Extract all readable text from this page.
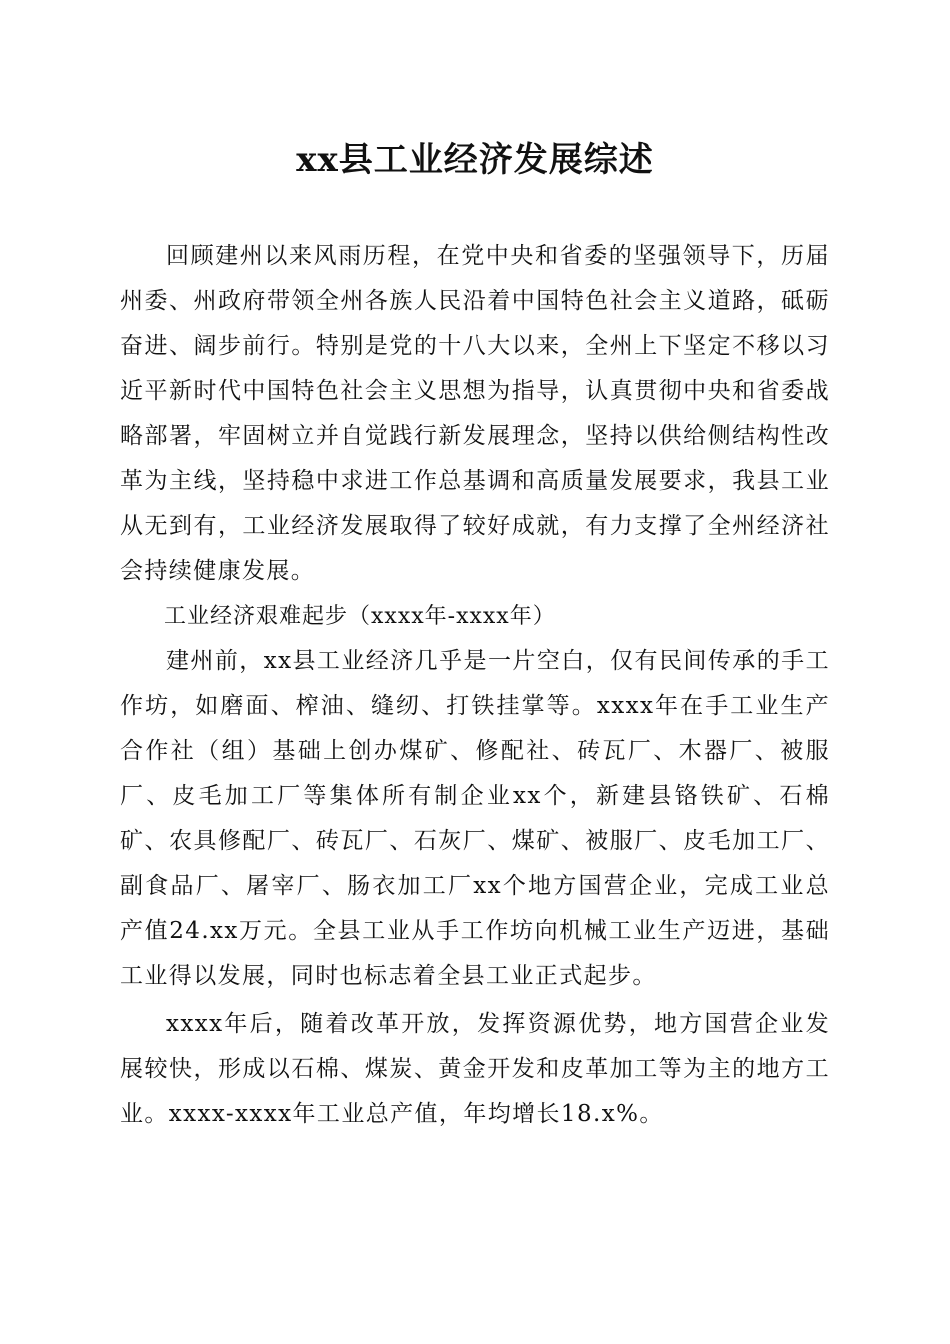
xx县工业经济发展综述

回顾建州以来风雨历程，在党中央和省委的坚强领导下，历届州委、州政府带领全州各族人民沿着中国特色社会主义道路，砥砺奋进、阔步前行。特别是党的十八大以来，全州上下坚定不移以习近平新时代中国特色社会主义思想为指导，认真贯彻中央和省委战略部署，牢固树立并自觉践行新发展理念，坚持以供给侧结构性改革为主线，坚持稳中求进工作总基调和高质量发展要求，我县工业从无到有，工业经济发展取得了较好成就，有力支撑了全州经济社会持续健康发展。

工业经济艰难起步（xxxx年-xxxx年）

建州前，xx县工业经济几乎是一片空白，仅有民间传承的手工作坊，如磨面、榨油、缝纫、打铁挂掌等。xxxx年在手工业生产合作社（组）基础上创办煤矿、修配社、砖瓦厂、木器厂、被服厂、皮毛加工厂等集体所有制企业xx个，新建县铬铁矿、石棉矿、农具修配厂、砖瓦厂、石灰厂、煤矿、被服厂、皮毛加工厂、副食品厂、屠宰厂、肠衣加工厂xx个地方国营企业，完成工业总产值24.xx万元。全县工业从手工作坊向机械工业生产迈进，基础工业得以发展，同时也标志着全县工业正式起步。

xxxx年后，随着改革开放，发挥资源优势，地方国营企业发展较快，形成以石棉、煤炭、黄金开发和皮革加工等为主的地方工业。xxxx-xxxx年工业总产值，年均增长18.x%。
